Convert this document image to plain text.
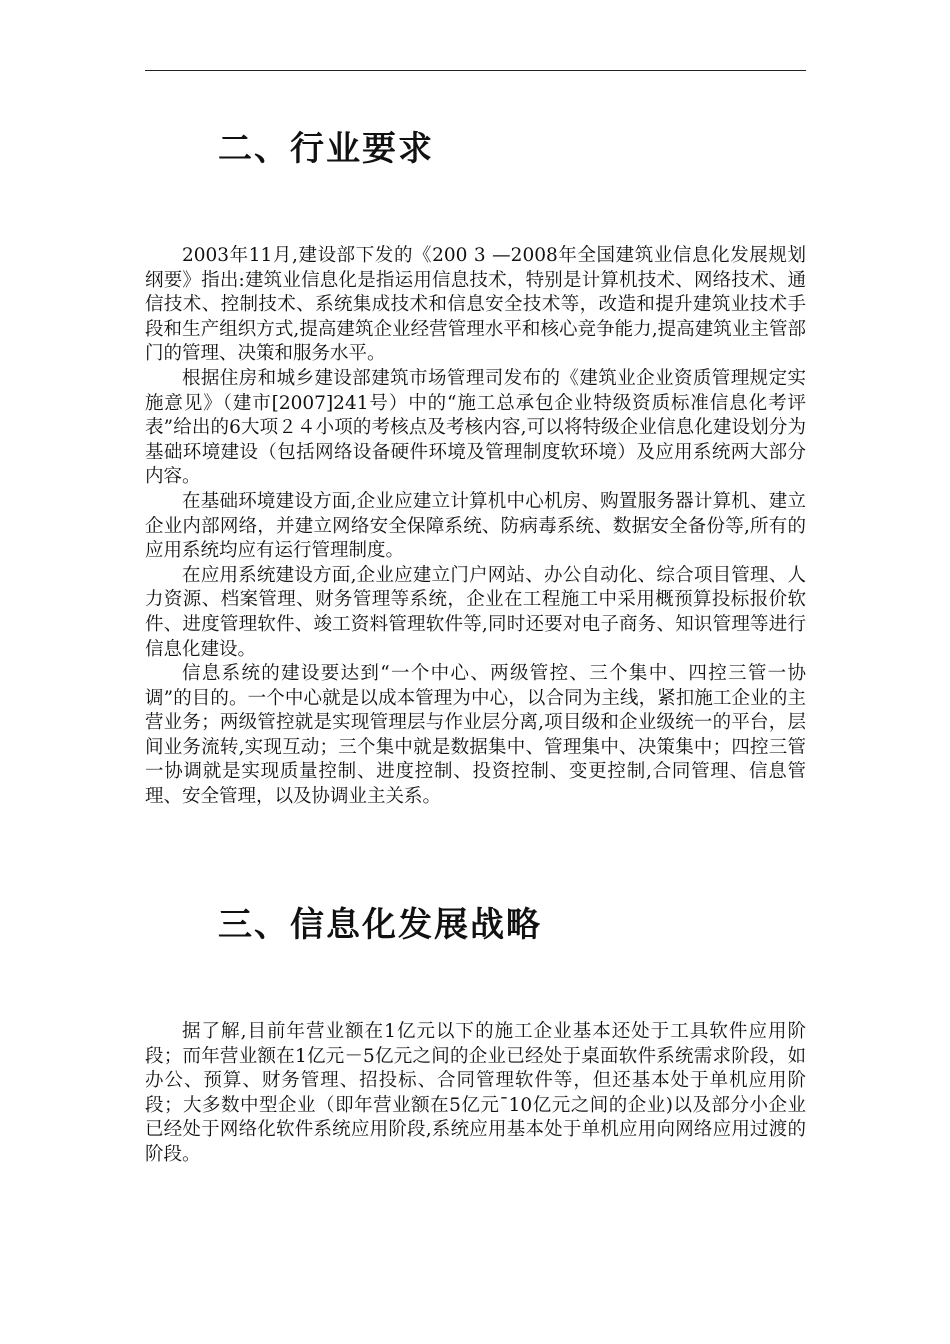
二、行业要求

2003年11月,建设部下发的《200 3 —2008年全国建筑业信息化发展规划纲要》指出:建筑业信息化是指运用信息技术，特别是计算机技术、网络技术、通信技术、控制技术、系统集成技术和信息安全技术等，改造和提升建筑业技术手段和生产组织方式,提高建筑企业经营管理水平和核心竞争能力,提高建筑业主管部门的管理、决策和服务水平。

根据住房和城乡建设部建筑市场管理司发布的《建筑业企业资质管理规定实施意见》（建市[2007]241号）中的“施工总承包企业特级资质标准信息化考评表”给出的6大项２４小项的考核点及考核内容,可以将特级企业信息化建设划分为基础环境建设（包括网络设备硬件环境及管理制度软环境）及应用系统两大部分内容。

在基础环境建设方面,企业应建立计算机中心机房、购置服务器计算机、建立企业内部网络，并建立网络安全保障系统、防病毒系统、数据安全备份等,所有的应用系统均应有运行管理制度。

在应用系统建设方面,企业应建立门户网站、办公自动化、综合项目管理、人力资源、档案管理、财务管理等系统，企业在工程施工中采用概预算投标报价软件、进度管理软件、竣工资料管理软件等,同时还要对电子商务、知识管理等进行信息化建设。

信息系统的建设要达到“一个中心、两级管控、三个集中、四控三管一协调”的目的。一个中心就是以成本管理为中心，以合同为主线，紧扣施工企业的主营业务；两级管控就是实现管理层与作业层分离,项目级和企业级统一的平台，层间业务流转,实现互动；三个集中就是数据集中、管理集中、决策集中；四控三管一协调就是实现质量控制、进度控制、投资控制、变更控制,合同管理、信息管理、安全管理，以及协调业主关系。

三、信息化发展战略

据了解,目前年营业额在1亿元以下的施工企业基本还处于工具软件应用阶段；而年营业额在1亿元－5亿元之间的企业已经处于桌面软件系统需求阶段，如办公、预算、财务管理、招投标、合同管理软件等，但还基本处于单机应用阶段；大多数中型企业（即年营业额在5亿元¯10亿元之间的企业)以及部分小企业已经处于网络化软件系统应用阶段,系统应用基本处于单机应用向网络应用过渡的阶段。
